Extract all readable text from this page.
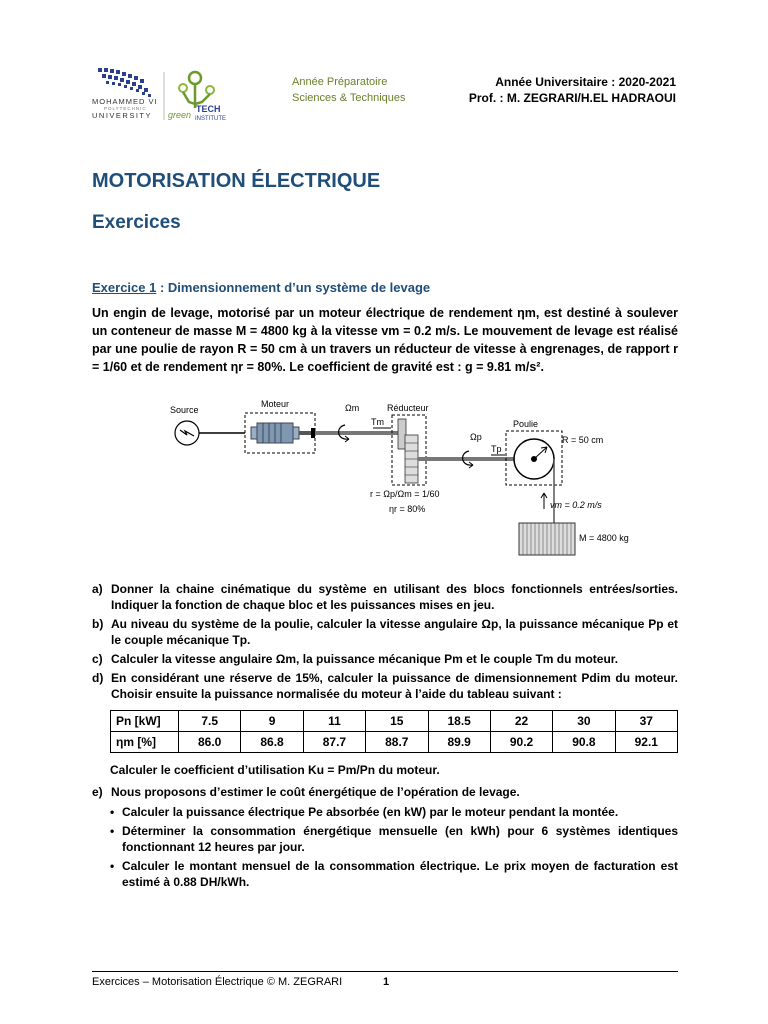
MOHAMMED VI
POLYTECHNIC
UNIVERSITY green
TECH
INSTITUTE
Année Préparatoire
Sciences & Techniques
Année Universitaire : 2020-2021
Prof. : M. ZEGRARI/H.EL HADRAOUI
MOTORISATION ÉLECTRIQUE
Exercices
Exercice 1 : Dimensionnement d’un système de levage
Un engin de levage, motorisé par un moteur électrique de rendement ηm, est destiné à soulever un conteneur de masse M = 4800 kg à la vitesse vm = 0.2 m/s. Le mouvement de levage est réalisé par une poulie de rayon R = 50 cm à un travers un réducteur de vitesse à engrenages, de rapport r = 1/60 et de rendement ηr = 80%. Le coefficient de gravité est : g = 9.81 m/s².
Source
Moteur	Ωm
Tm
Réducteur
Ωp
Tp
Poulie
R = 50 cm
vm = 0.2 m/s
M = 4800 kg
r = Ωp/Ωm = 1/60
ηr = 80%
a) Donner la chaine cinématique du système en utilisant des blocs fonctionnels entrées/sorties. Indiquer la fonction de chaque bloc et les puissances mises en jeu.
b) Au niveau du système de la poulie, calculer la vitesse angulaire Ωp, la puissance mécanique Pp et le couple mécanique Tp.
c) Calculer la vitesse angulaire Ωm, la puissance mécanique Pm et le couple Tm du moteur.
d) En considérant une réserve de 15%, calculer la puissance de dimensionnement Pdim du moteur. Choisir ensuite la puissance normalisée du moteur à l’aide du tableau suivant :
Pn [kW]	7.5	9	11	15	18.5	22	30	37
ηm [%]	86.0	86.8	87.7	88.7	89.9	90.2	90.8	92.1
Calculer le coefficient d’utilisation Ku = Pm/Pn du moteur.
e) Nous proposons d’estimer le coût énergétique de l’opération de levage.
• Calculer la puissance électrique Pe absorbée (en kW) par le moteur pendant la montée.
• Déterminer la consommation énergétique mensuelle (en kWh) pour 6 systèmes identiques fonctionnant 12 heures par jour.
• Calculer le montant mensuel de la consommation électrique. Le prix moyen de facturation est estimé à 0.88 DH/kWh.
Exercices – Motorisation Électrique © M. ZEGRARI	1
